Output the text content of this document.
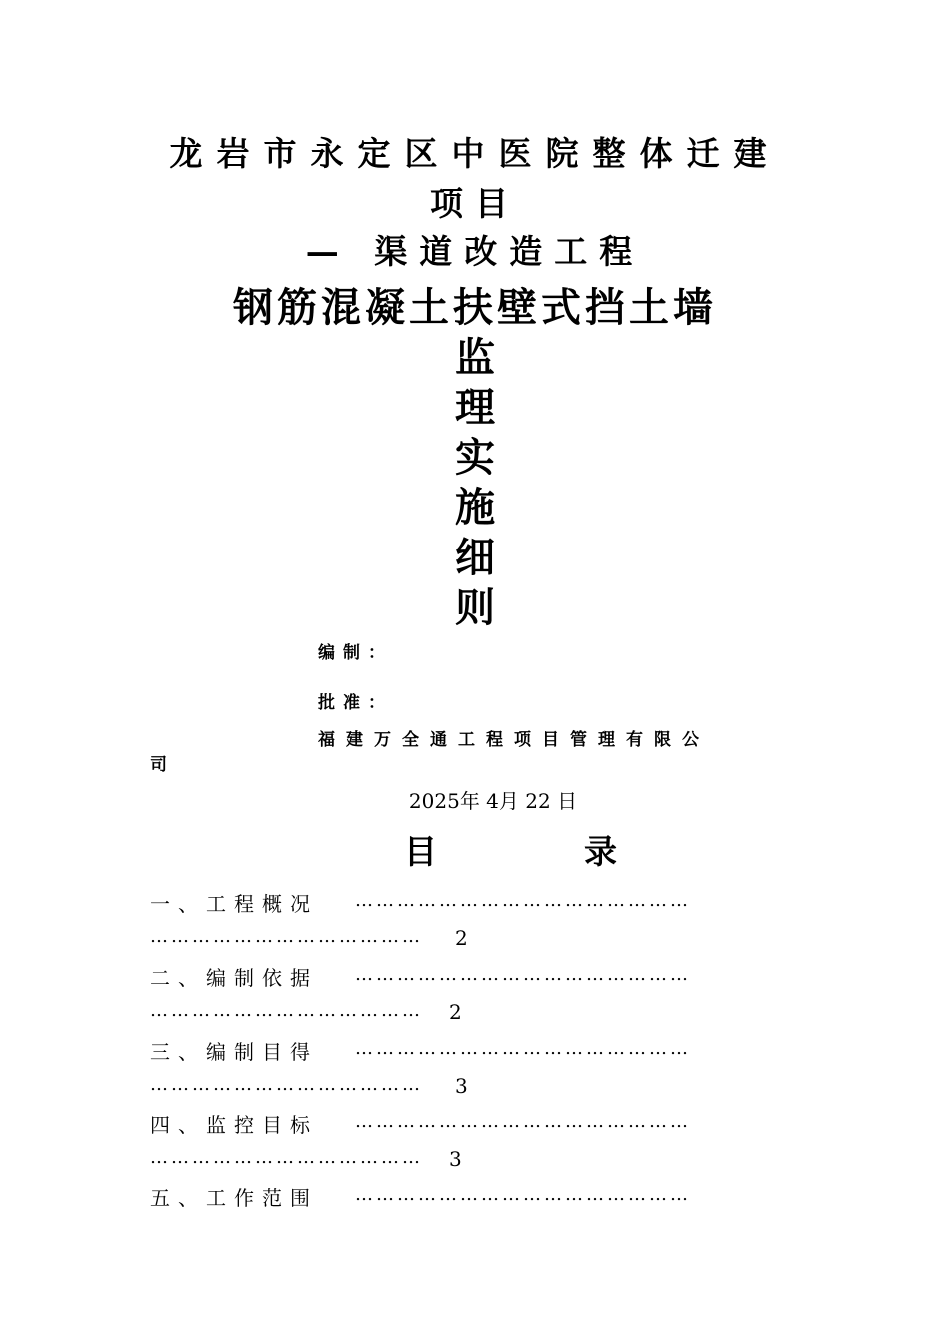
龙岩市永定区中医院整体迁建
项目
— 渠道改造工程
钢筋混凝土扶壁式挡土墙
监
理
实
施
细
则
编制：
批准：
福建万全通工程项目管理有限公
司
2025年 4月 22 日
目	录
一、工程概况 …………………………………………
………………………………… 2
二、编制依据 …………………………………………
………………………………… 2
三、编制目得 …………………………………………
………………………………… 3
四、监控目标 …………………………………………
………………………………… 3
五、工作范围 …………………………………………
